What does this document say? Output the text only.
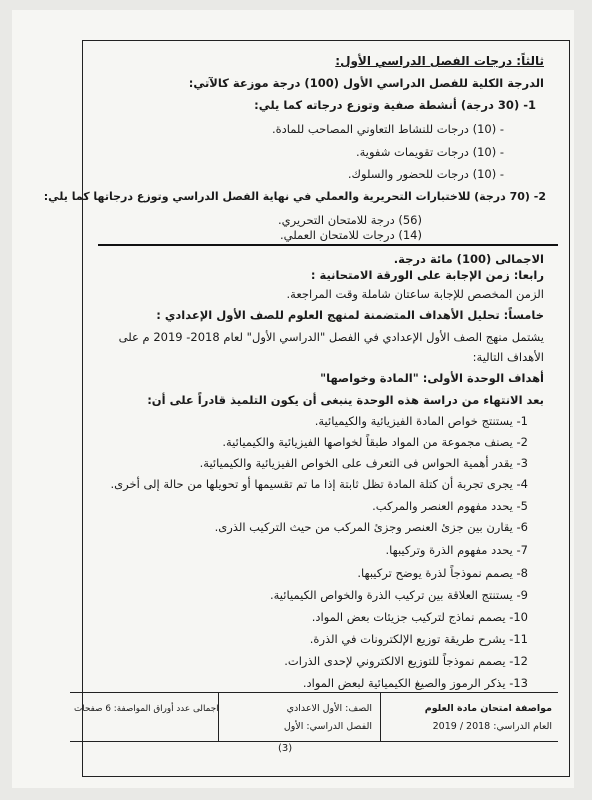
ثالثاً: درجات الفصل الدراسي الأول:
الدرجة الكلية للفصل الدراسي الأول (100) درجة موزعة كالآتي:
1- (30 درجة) أنشطة صفية وتوزع درجاته كما يلي:
- (10) درجات للنشاط التعاوني المصاحب للمادة.
- (10) درجات تقويمات شفوية.
- (10) درجات للحضور والسلوك.
2- (70 درجة) للاختبارات التحريرية والعملي في نهاية الفصل الدراسي وتوزع درجاتها كما يلي:
(56) درجة للامتحان التحريري.
(14) درجات للامتحان العملي.
الاجمالى (100) مائة درجة.
رابعا: زمن الإجابة على الورقة الامتحانية :
الزمن المخصص للإجابة ساعتان شاملة وقت المراجعة.
خامساً: تحليل الأهداف المتضمنة لمنهج العلوم للصف الأول الإعدادي :
يشتمل منهج الصف الأول الإعدادي في الفصل "الدراسي الأول" لعام 2018- 2019 م على
الأهداف التالية:
أهداف الوحدة الأولى: "المادة وخواصها"
بعد الانتهاء من دراسة هذه الوحدة ينبغى أن يكون التلميذ قادراً على أن:
1- يستنتج خواص المادة الفيزيائية والكيميائية.
2- يصنف مجموعة من المواد طبقاً لخواصها الفيزيائية والكيميائية.
3- يقدر أهمية الحواس فى التعرف على الخواص الفيزيائية والكيميائية.
4- يجرى تجربة أن كتلة المادة تظل ثابتة إذا ما تم تقسيمها أو تحويلها من حالة إلى أخرى.
5- يحدد مفهوم العنصر والمركب.
6- يقارن بين جزئ العنصر وجزئ المركب من حيث التركيب الذرى.
7- يحدد مفهوم الذرة وتركيبها.
8- يصمم نموذجاً لذرة يوضح تركيبها.
9- يستنتج العلاقة بين تركيب الذرة والخواص الكيميائية.
10- يصمم نماذج لتركيب جزيئات بعض المواد.
11- يشرح طريقة توزيع الإلكترونات في الذرة.
12- يصمم نموذجاً للتوزيع الالكتروني لإحدى الذرات.
13- يذكر الرموز والصيغ الكيميائية لبعض المواد.
مواصفة امتحان مادة العلوم
العام الدراسي: 2018 / 2019
الصف: الأول الاعدادي
الفصل الدراسي: الأول
اجمالى عدد أوراق المواصفة: 6 صفحات
(3)
